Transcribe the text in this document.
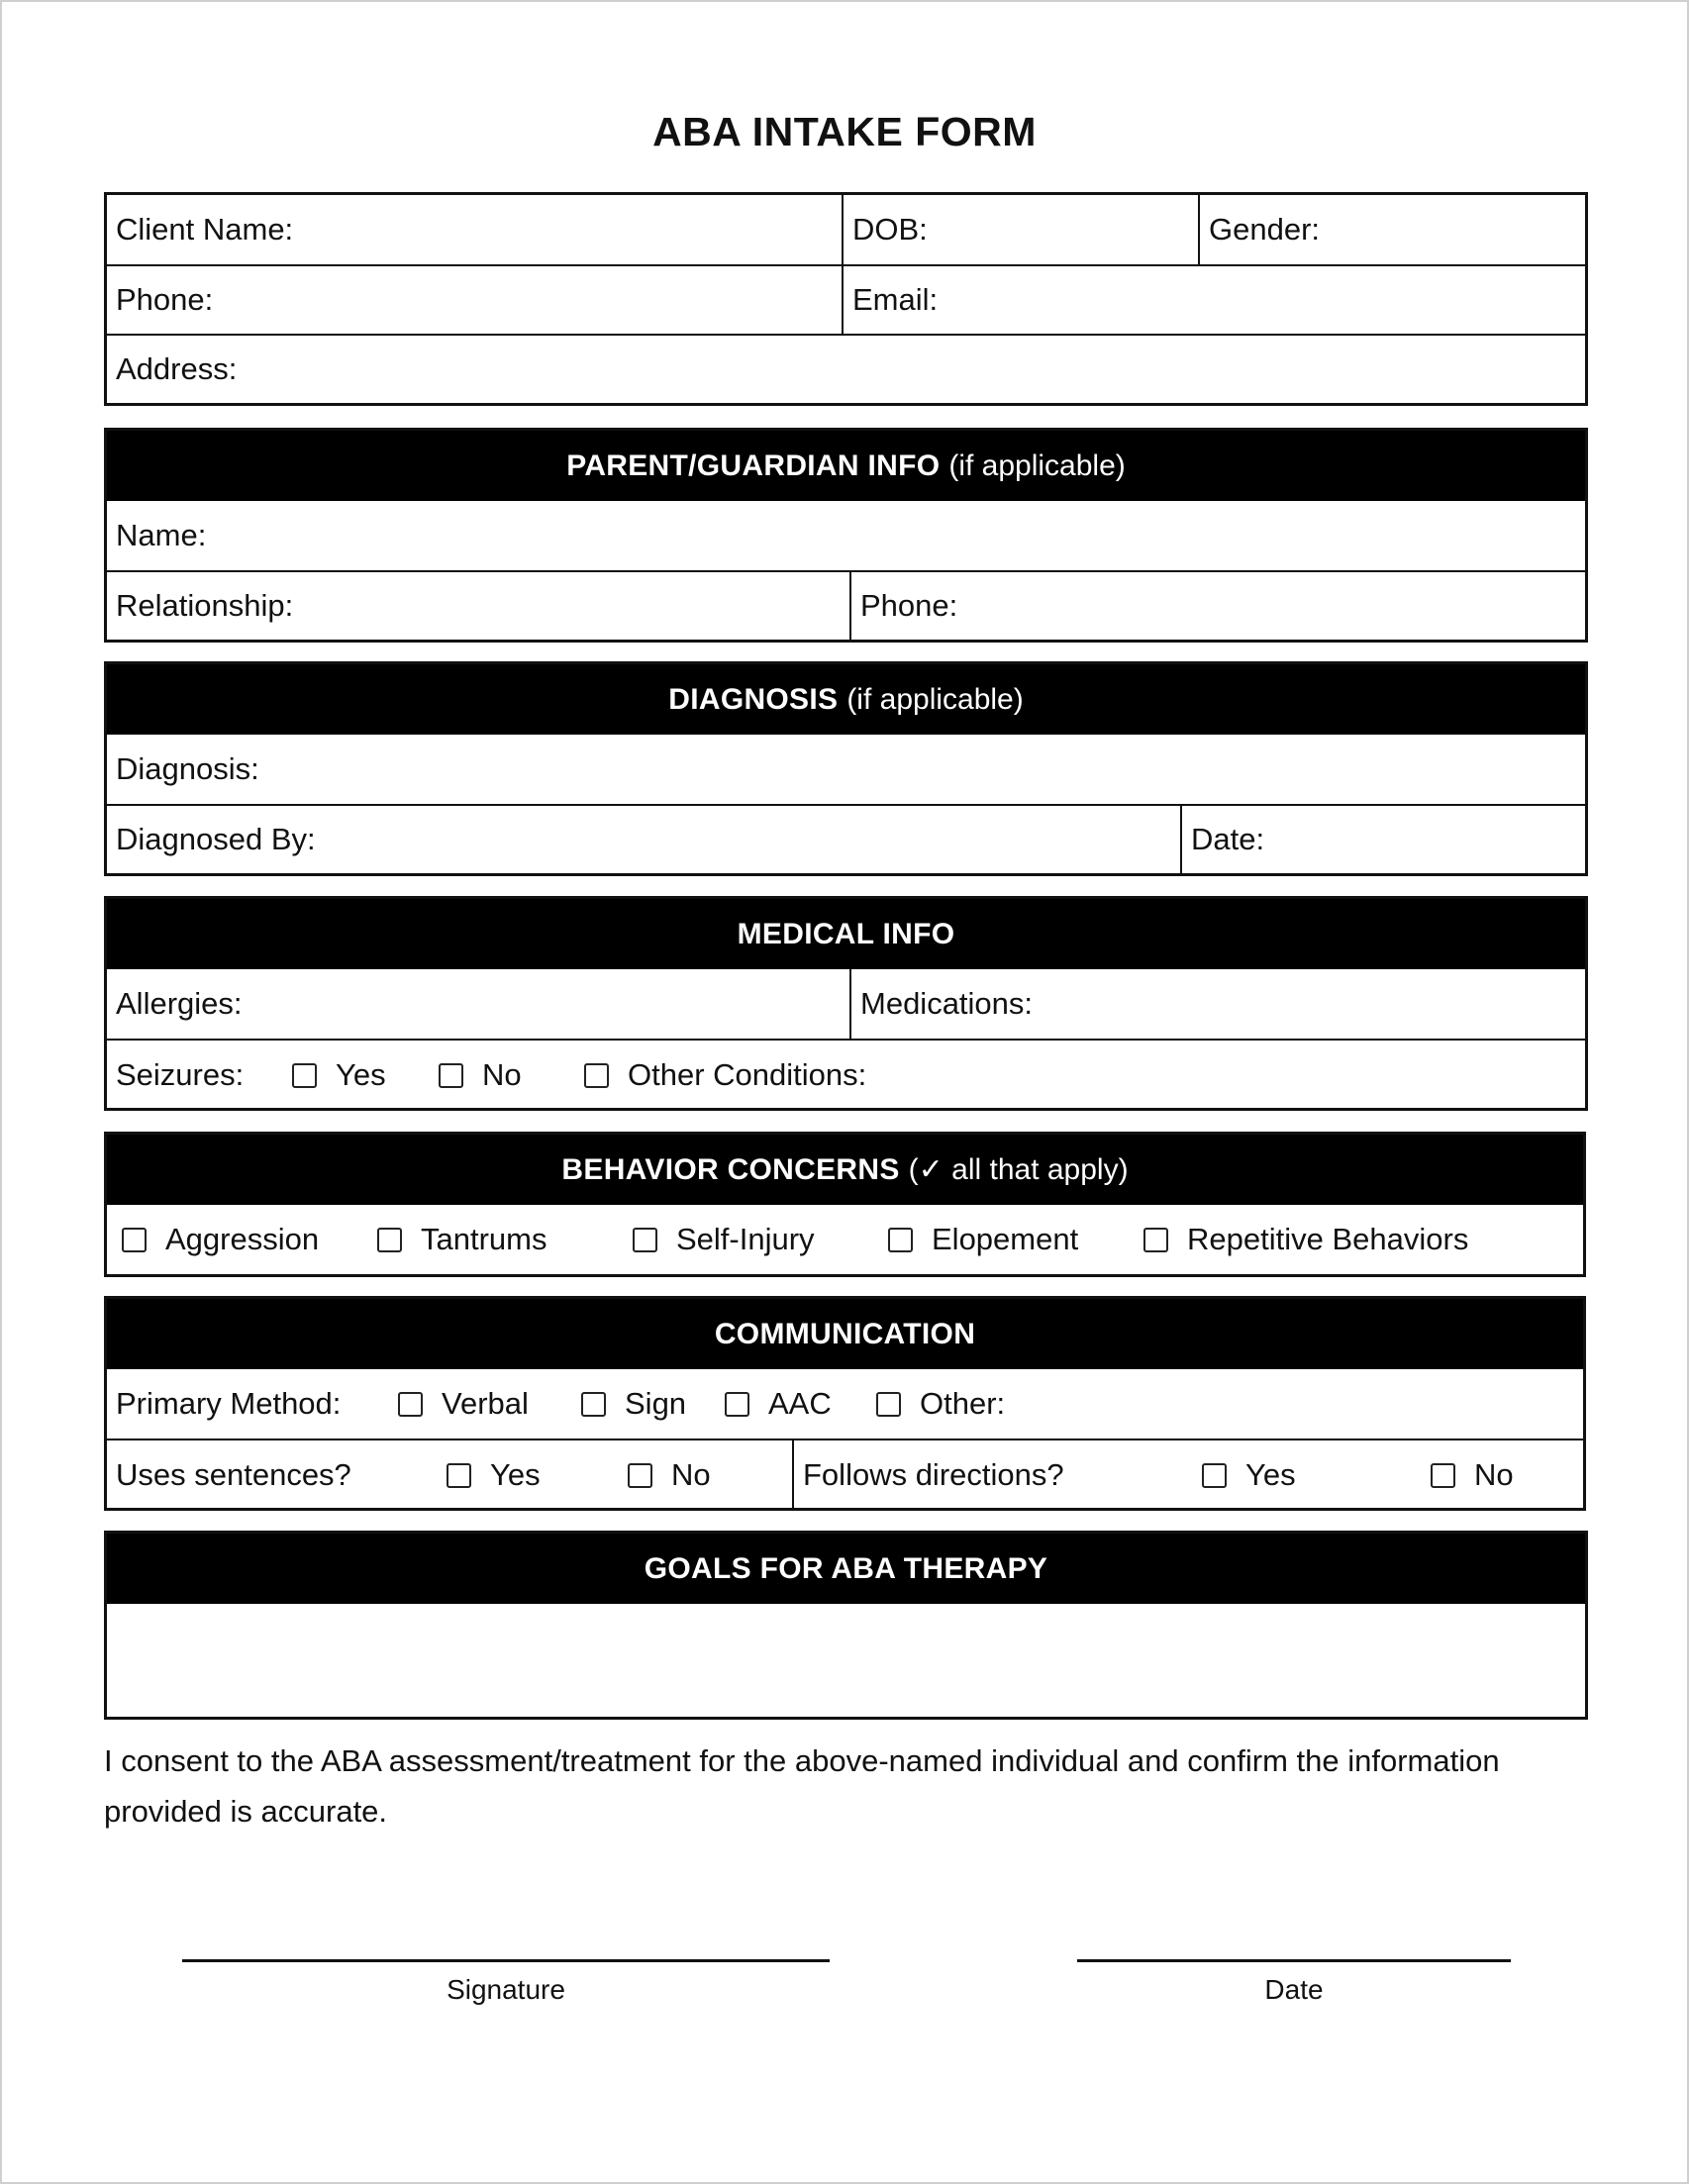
ABA INTAKE FORM
Client Name:	DOB:	Gender:
Phone:	Email:
Address:
PARENT/GUARDIAN INFO (if applicable)
Name:
Relationship:	Phone:
DIAGNOSIS (if applicable)
Diagnosis:
Diagnosed By:	Date:
MEDICAL INFO
Allergies:	Medications:
Seizures:	Yes	No	Other Conditions:
BEHAVIOR CONCERNS (✓ all that apply)
Aggression	Tantrums	Self-Injury	Elopement	Repetitive Behaviors
COMMUNICATION
Primary Method:	Verbal	Sign	AAC	Other:
Uses sentences?	Yes	No	Follows directions?	Yes	No
GOALS FOR ABA THERAPY
I consent to the ABA assessment/treatment for the above-named individual and confirm the information provided is accurate.
Signature	Date
